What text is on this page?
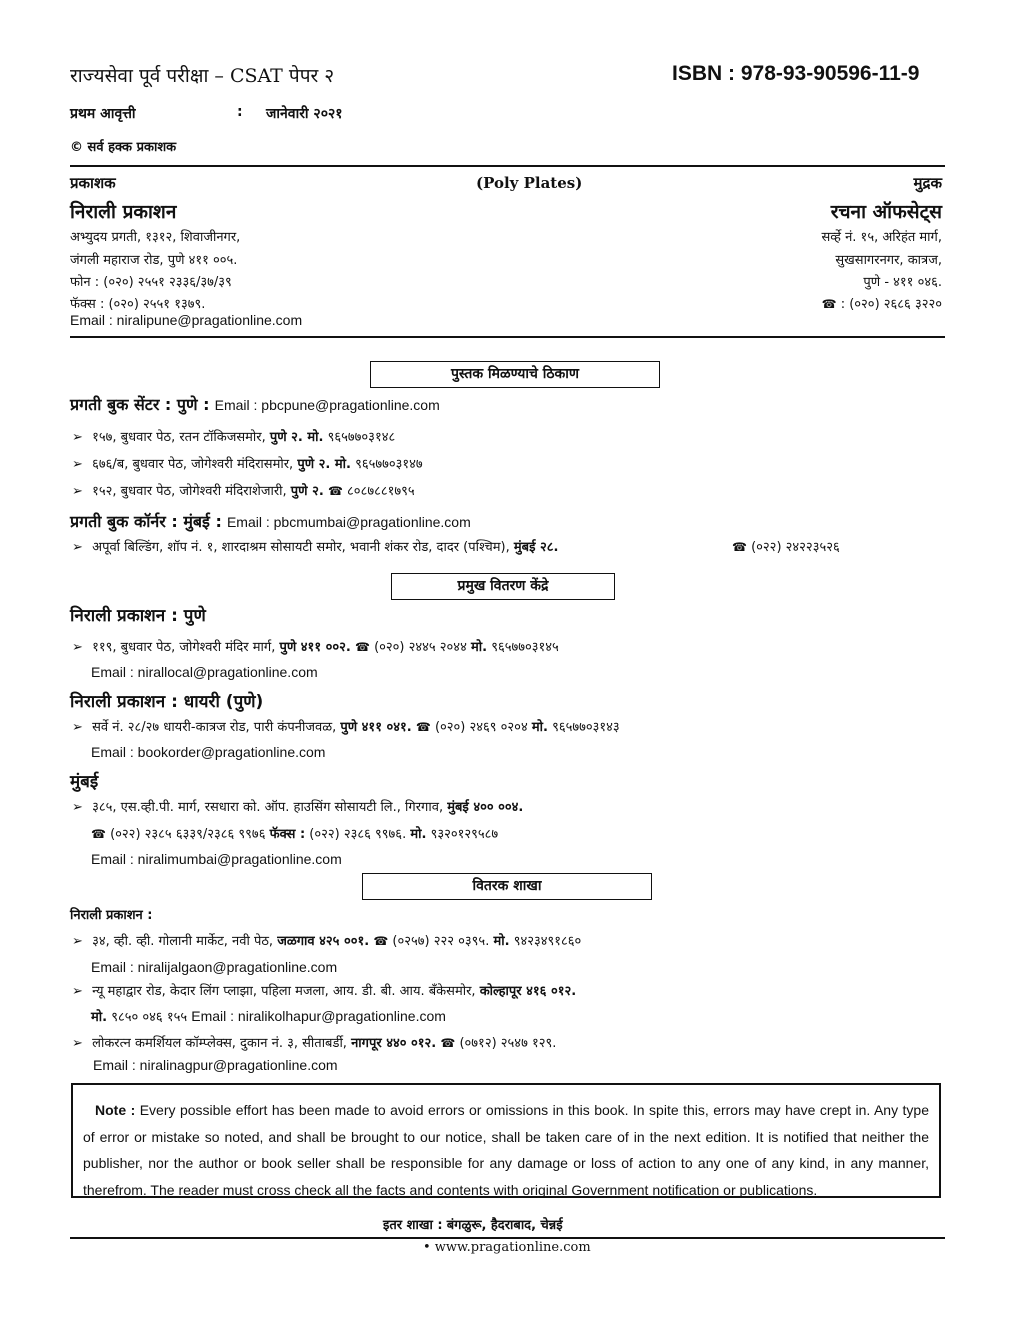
राज्यसेवा पूर्व परीक्षा – CSAT पेपर २	ISBN : 978-93-90596-11-9
प्रथम आवृत्ती	: जानेवारी २०२१
© सर्व हक्क प्रकाशक
प्रकाशक	(Poly Plates)	मुद्रक
निराली प्रकाशन	रचना ऑफसेट्स
अभ्युदय प्रगती, १३१२, शिवाजीनगर,
जंगली महाराज रोड, पुणे ४११ ००५.
फोन : (०२०) २५५१ २३३६/३७/३९
फॅक्स : (०२०) २५५१ १३७९.
Email : niralipune@pragationline.com
सर्व्हे नं. १५, अरिहंत मार्ग,
सुखसागरनगर, कात्रज,
पुणे - ४११ ०४६.
☎ : (०२०) २६८६ ३२२०
पुस्तक मिळण्याचे ठिकाण
प्रगती बुक सेंटर : पुणे : Email : pbcpune@pragationline.com
➢ १५७, बुधवार पेठ, रतन टॉकिजसमोर, पुणे २. मो. ९६५७७०३१४८
➢ ६७६/ब, बुधवार पेठ, जोगेश्वरी मंदिरासमोर, पुणे २. मो. ९६५७७०३१४७
➢ १५२, बुधवार पेठ, जोगेश्वरी मंदिराशेजारी, पुणे २. ☎ ८०८७८८१७९५
प्रगती बुक कॉर्नर : मुंबई : Email : pbcmumbai@pragationline.com
➢ अपूर्वा बिल्डिंग, शॉप नं. १, शारदाश्रम सोसायटी समोर, भवानी शंकर रोड, दादर (पश्चिम), मुंबई २८.	☎ (०२२) २४२२३५२६
प्रमुख वितरण केंद्रे
निराली प्रकाशन : पुणे
➢ ११९, बुधवार पेठ, जोगेश्वरी मंदिर मार्ग, पुणे ४११ ००२. ☎ (०२०) २४४५ २०४४ मो. ९६५७७०३१४५
Email : nirallocal@pragationline.com
निराली प्रकाशन : धायरी (पुणे)
➢ सर्वे नं. २८/२७ धायरी-कात्रज रोड, पारी कंपनीजवळ, पुणे ४११ ०४१. ☎ (०२०) २४६९ ०२०४ मो. ९६५७७०३१४३
Email : bookorder@pragationline.com
मुंबई
➢ ३८५, एस.व्ही.पी. मार्ग, रसधारा को. ऑप. हाउसिंग सोसायटी लि., गिरगाव, मुंबई ४०० ००४.
☎ (०२२) २३८५ ६३३९/२३८६ ९९७६ फॅक्स : (०२२) २३८६ ९९७६. मो. ९३२०१२९५८७
Email : niralimumbai@pragationline.com
वितरक शाखा
निराली प्रकाशन :
➢ ३४, व्ही. व्ही. गोलानी मार्केट, नवी पेठ, जळगाव ४२५ ००१. ☎ (०२५७) २२२ ०३९५. मो. ९४२३४९१८६०
Email : niralijalgaon@pragationline.com
➢ न्यू महाद्वार रोड, केदार लिंग प्लाझा, पहिला मजला, आय. डी. बी. आय. बँकेसमोर, कोल्हापूर ४१६ ०१२.
मो. ९८५० ०४६ १५५ Email : niralikolhapur@pragationline.com
➢ लोकरत्न कमर्शियल कॉम्प्लेक्स, दुकान नं. ३, सीताबर्डी, नागपूर ४४० ०१२. ☎ (०७१२) २५४७ १२९.
Email : niralinagpur@pragationline.com
Note : Every possible effort has been made to avoid errors or omissions in this book. In spite this, errors may have crept in. Any type of error or mistake so noted, and shall be brought to our notice, shall be taken care of in the next edition. It is notified that neither the publisher, nor the author or book seller shall be responsible for any damage or loss of action to any one of any kind, in any manner, therefrom. The reader must cross check all the facts and contents with original Government notification or publications.
इतर शाखा : बंगळुरू, हैदराबाद, चेन्नई
• www.pragationline.com
